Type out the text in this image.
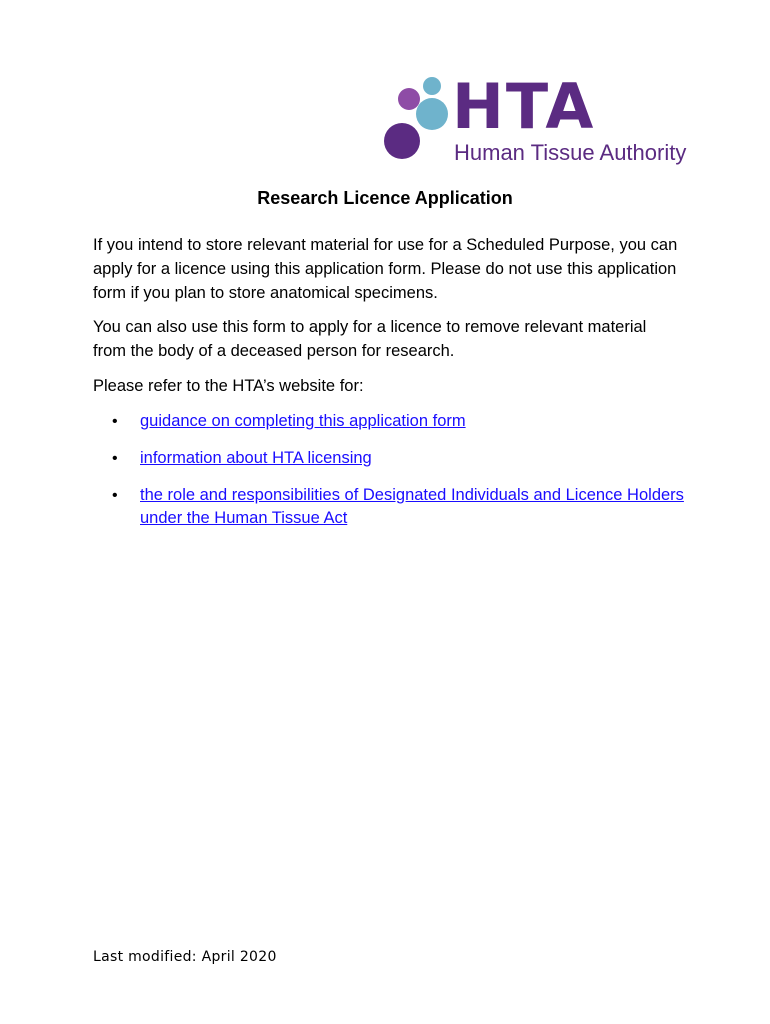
HTA
Human Tissue Authority
Research Licence Application

If you intend to store relevant material for use for a Scheduled Purpose, you can apply for a licence using this application form. Please do not use this application form if you plan to store anatomical specimens.

You can also use this form to apply for a licence to remove relevant material from the body of a deceased person for research.

Please refer to the HTA’s website for:

• guidance on completing this application form
• information about HTA licensing
• the role and responsibilities of Designated Individuals and Licence Holders under the Human Tissue Act
Last modified: April 2020
